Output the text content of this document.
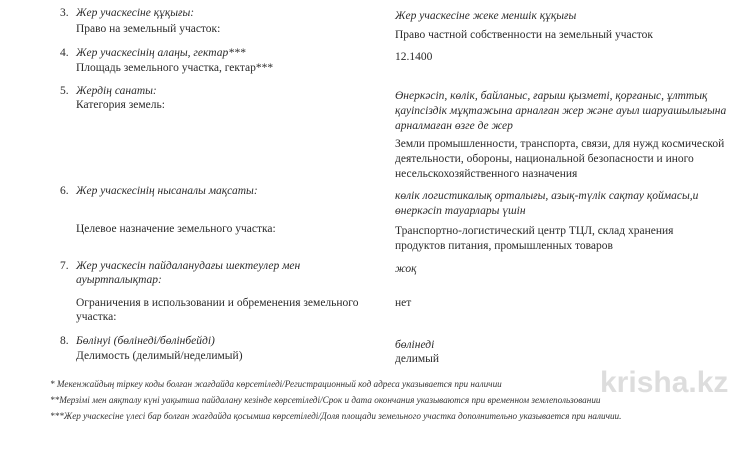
3. Жер учаскесіне құқығы:
Право на земельный участок:
Жер учаскесіне жеке меншік құқығы
Право частной собственности на земельный участок
4. Жер учаскесінің алаңы, гектар***
Площадь земельного участка, гектар***
12.1400
5. Жердің санаты:
Категория земель:
Өнеркәсіп, көлік, байланыс, ғарыш қызметі, қорғаныс, ұлттық
қауіпсіздік мұқтажына арналған жер және ауыл шаруашылығына
арналмаған өзге де жер
Земли промышленности, транспорта, связи, для нужд космической
деятельности, обороны, национальной безопасности и иного
несельскохозяйственного назначения
6. Жер учаскесінің нысаналы мақсаты:
Целевое назначение земельного участка:
көлік логистикалық орталығы, азық-түлік сақтау қоймасы,и
өнеркәсіп тауарлары үшін
Транспортно-логистический центр ТЦЛ, склад хранения
продуктов питания, промышленных товаров
7. Жер учаскесін пайдаланудағы шектеулер мен
ауыртпалықтар:
жоқ
Ограничения в использовании и обременения земельного	нет
участка:
8. Бөлінуі (бөлінеді/бөлінбейді)
Делимость (делимый/неделимый)
бөлінеді
делимый
* Мекенжайдың тіркеу коды болған жағдайда көрсетіледі/Регистрационный код адреса указывается при наличии
**Мерзімі мен аяқталу күні уақытша пайдалану кезінде көрсетіледі/Срок и дата окончания указываются при временном землепользовании
***Жер учаскесіне үлесі бар болған жағдайда қосымша көрсетіледі/Доля площади земельного участка дополнительно указывается при наличии.
krisha.kz
